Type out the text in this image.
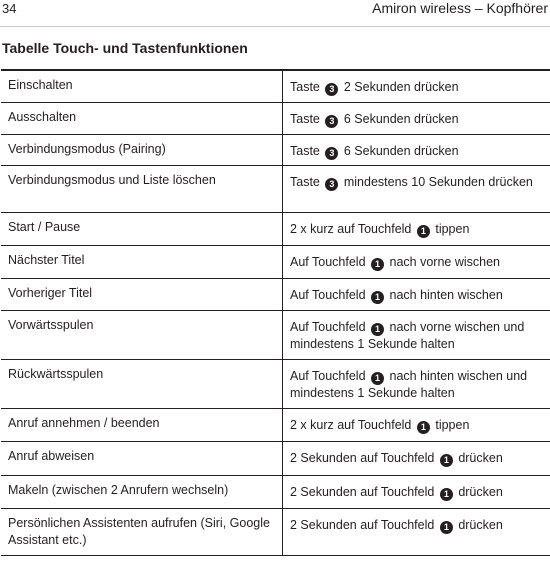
34	Amiron wireless – Kopfhörer
Tabelle Touch- und Tastenfunktionen
Einschalten	Taste 3 2 Sekunden drücken

Ausschalten	Taste 3 6 Sekunden drücken

Verbindungsmodus (Pairing)	Taste 3 6 Sekunden drücken

Verbindungsmodus und Liste löschen	Taste 3 mindestens 10 Sekunden drücken

Start / Pause	2 x kurz auf Touchfeld 1 tippen

Nächster Titel	Auf Touchfeld 1 nach vorne wischen

Vorheriger Titel	Auf Touchfeld 1 nach hinten wischen

Vorwärtsspulen	Auf Touchfeld 1 nach vorne wischen und mindestens 1 Sekunde halten

Rückwärtsspulen	Auf Touchfeld 1 nach hinten wischen und mindestens 1 Sekunde halten

Anruf annehmen / beenden	2 x kurz auf Touchfeld 1 tippen

Anruf abweisen	2 Sekunden auf Touchfeld 1 drücken

Makeln (zwischen 2 Anrufern wechseln)	2 Sekunden auf Touchfeld 1 drücken

Persönlichen Assistenten aufrufen (Siri, Google Assistant etc.)	2 Sekunden auf Touchfeld 1 drücken
